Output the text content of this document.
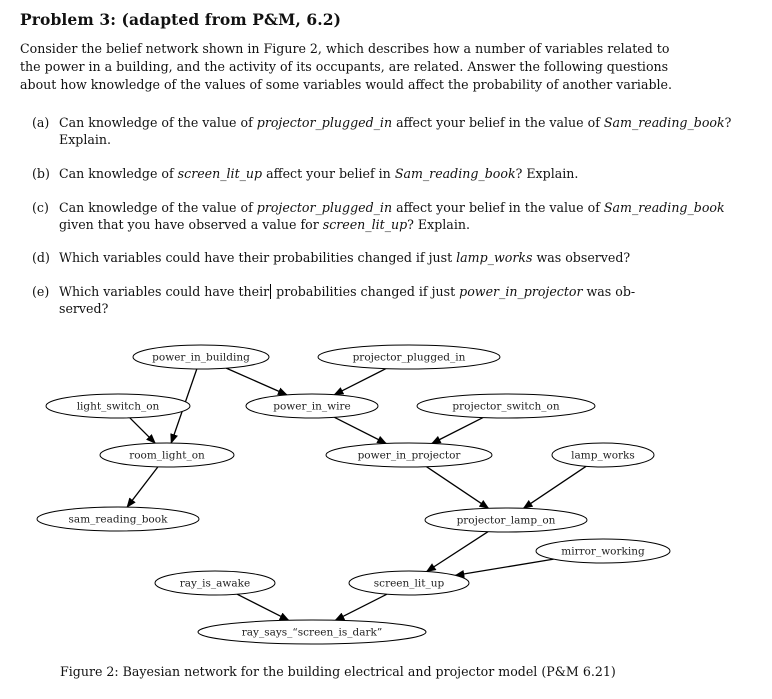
Problem 3: (adapted from P&M, 6.2)
Consider the belief network shown in Figure 2, which describes how a number of variables related to
the power in a building, and the activity of its occupants, are related. Answer the following questions
about how knowledge of the values of some variables would affect the probability of another variable.
(a) Can knowledge of the value of projector_plugged_in affect your belief in the value of Sam_reading_book?
Explain.
(b) Can knowledge of screen_lit_up affect your belief in Sam_reading_book? Explain.
(c) Can knowledge of the value of projector_plugged_in affect your belief in the value of Sam_reading_book
given that you have observed a value for screen_lit_up? Explain.
(d) Which variables could have their probabilities changed if just lamp_works was observed?
(e) Which variables could have their probabilities changed if just power_in_projector was ob-
served?
power_in_building	projector_plugged_in
light_switch_on	power_in_wire	projector_switch_on
room_light_on	power_in_projector	lamp_works
sam_reading_book	projector_lamp_on
mirror_working
ray_is_awake	screen_lit_up
ray_says_“screen_is_dark”
Figure 2: Bayesian network for the building electrical and projector model (P&M 6.21)
